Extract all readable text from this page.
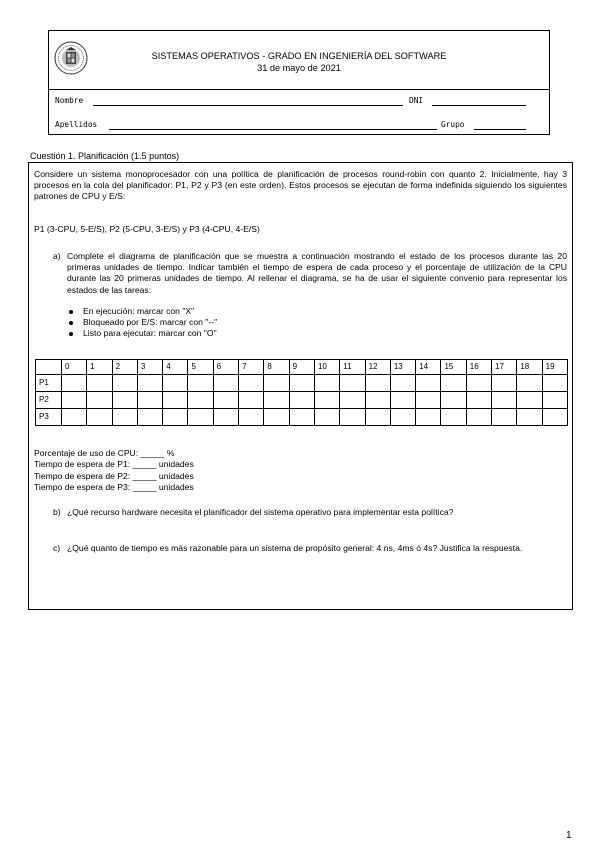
SISTEMAS OPERATIVOS - GRADO EN INGENIERÍA DEL SOFTWARE
31 de mayo de 2021
Nombre	DNI
Apellidos	Grupo
Cuestión 1. Planificación (1.5 puntos)
Considere un sistema monoprocesador con una política de planificación de procesos round-robin con quanto 2. Inicialmente, hay 3 procesos en la cola del planificador: P1, P2 y P3 (en este orden). Estos procesos se ejecutan de forma indefinida siguiendo los siguientes patrones de CPU y E/S:
P1 (3-CPU, 5-E/S), P2 (5-CPU, 3-E/S) y P3 (4-CPU, 4-E/S)
a) Complete el diagrama de planificación que se muestra a continuación mostrando el estado de los procesos durante las 20 primeras unidades de tiempo. Indicar también el tiempo de espera de cada proceso y el porcentaje de utilización de la CPU durante las 20 primeras unidades de tiempo. Al rellenar el diagrama, se ha de usar el siguiente convenio para representar los estados de las tareas:
En ejecución: marcar con "X"
Bloqueado por E/S: marcar con "--"
Listo para ejecutar: marcar con "O"
	0	1	2	3	4	5	6	7	8	9	10	11	12	13	14	15	16	17	18	19
P1																				
P2																				
P3																				
Porcentaje de uso de CPU: _____ %
Tiempo de espera de P1: _____ unidades
Tiempo de espera de P2: _____ unidades
Tiempo de espera de P3: _____ unidades
b) ¿Qué recurso hardware necesita el planificador del sistema operativo para implementar esta política?
c) ¿Qué quanto de tiempo es más razonable para un sistema de propósito general: 4 ns, 4ms ó 4s? Justifica la respuesta.
1
